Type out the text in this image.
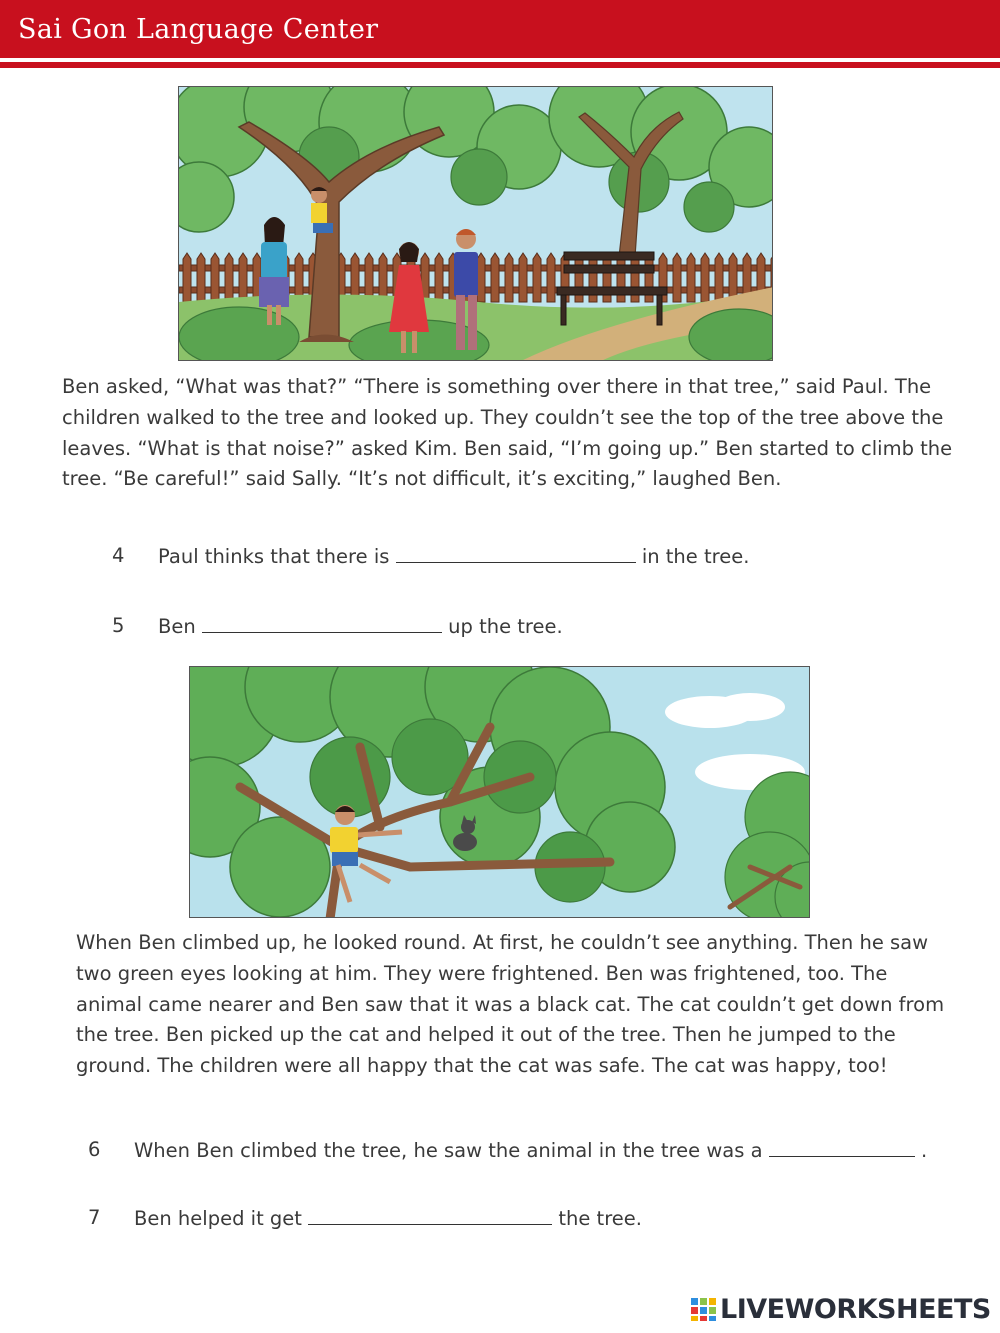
Sai Gon Language Center

Ben asked, “What was that?” “There is something over there in that tree,” said Paul. The children walked to the tree and looked up. They couldn’t see the top of the tree above the leaves. “What is that noise?” asked Kim. Ben said, “I’m going up.” Ben started to climb the tree. “Be careful!” said Sally. “It’s not difficult, it’s exciting,” laughed Ben.

4 Paul thinks that there is	in the tree.
5 Ben	up the tree.

When Ben climbed up, he looked round. At first, he couldn’t see anything. Then he saw two green eyes looking at him. They were frightened. Ben was frightened, too. The animal came nearer and Ben saw that it was a black cat. The cat couldn’t get down from the tree. Ben picked up the cat and helped it out of the tree. Then he jumped to the ground. The children were all happy that the cat was safe. The cat was happy, too!

6 When Ben climbed the tree, he saw the animal in the tree was a	.
7 Ben helped it get	the tree.
LIVEWORKSHEETS
